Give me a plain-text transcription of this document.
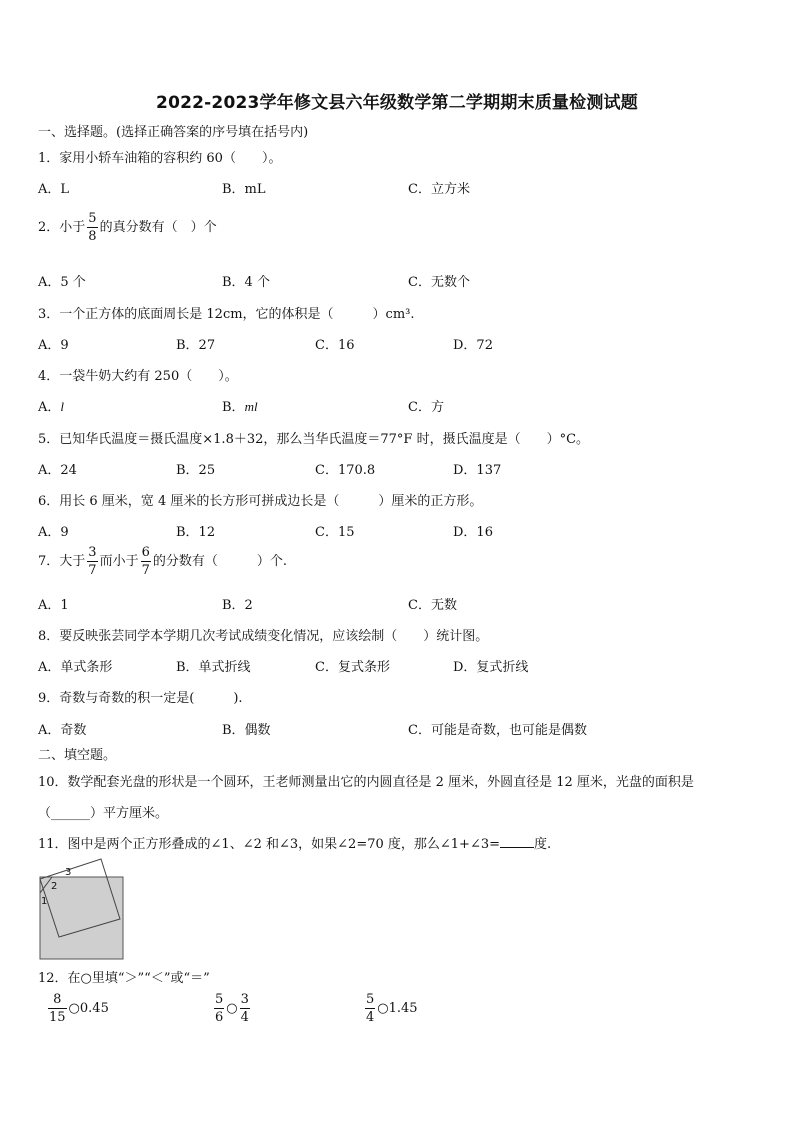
2022-2023学年修文县六年级数学第二学期期末质量检测试题
一、选择题。(选择正确答案的序号填在括号内)
1．家用小轿车油箱的容积约 60（　　）。
A．L	B．mL	C．立方米
2．小于 $\frac{5}{8}$ 的真分数有（　）个
A．5 个	B．4 个	C．无数个
3．一个正方体的底面周长是 12cm，它的体积是（　　　）cm³.
A．9	B．27	C．16	D．72
4．一袋牛奶大约有 250（　　）。
A．l	B．ml	C．方
5．已知华氏温度＝摄氏温度×1.8＋32，那么当华氏温度＝77°F 时，摄氏温度是（　　）°C。
A．24	B．25	C．170.8	D．137
6．用长 6 厘米，宽 4 厘米的长方形可拼成边长是（　　　）厘米的正方形。
A．9	B．12	C．15	D．16
7．大于 $\frac{3}{7}$ 而小于 $\frac{6}{7}$ 的分数有（　　　）个.
A．1	B．2	C．无数
8．要反映张芸同学本学期几次考试成绩变化情况，应该绘制（　　）统计图。
A．单式条形	B．单式折线	C．复式条形	D．复式折线
9．奇数与奇数的积一定是(　　　).
A．奇数	B．偶数	C．可能是奇数，也可能是偶数
二、填空题。
10．数学配套光盘的形状是一个圆环，王老师测量出它的内圆直径是 2 厘米，外圆直径是 12 厘米，光盘的面积是
（______）平方厘米。
11．图中是两个正方形叠成的∠1、∠2 和∠3，如果∠2=70 度，那么∠1+∠3=	度.
3
2
1
12．在○里填“＞”“＜”或“＝”
$\frac{8}{15}$ ○0.45	$\frac{5}{6}$ ○ $\frac{3}{4}$	$\frac{5}{4}$ ○1.45
